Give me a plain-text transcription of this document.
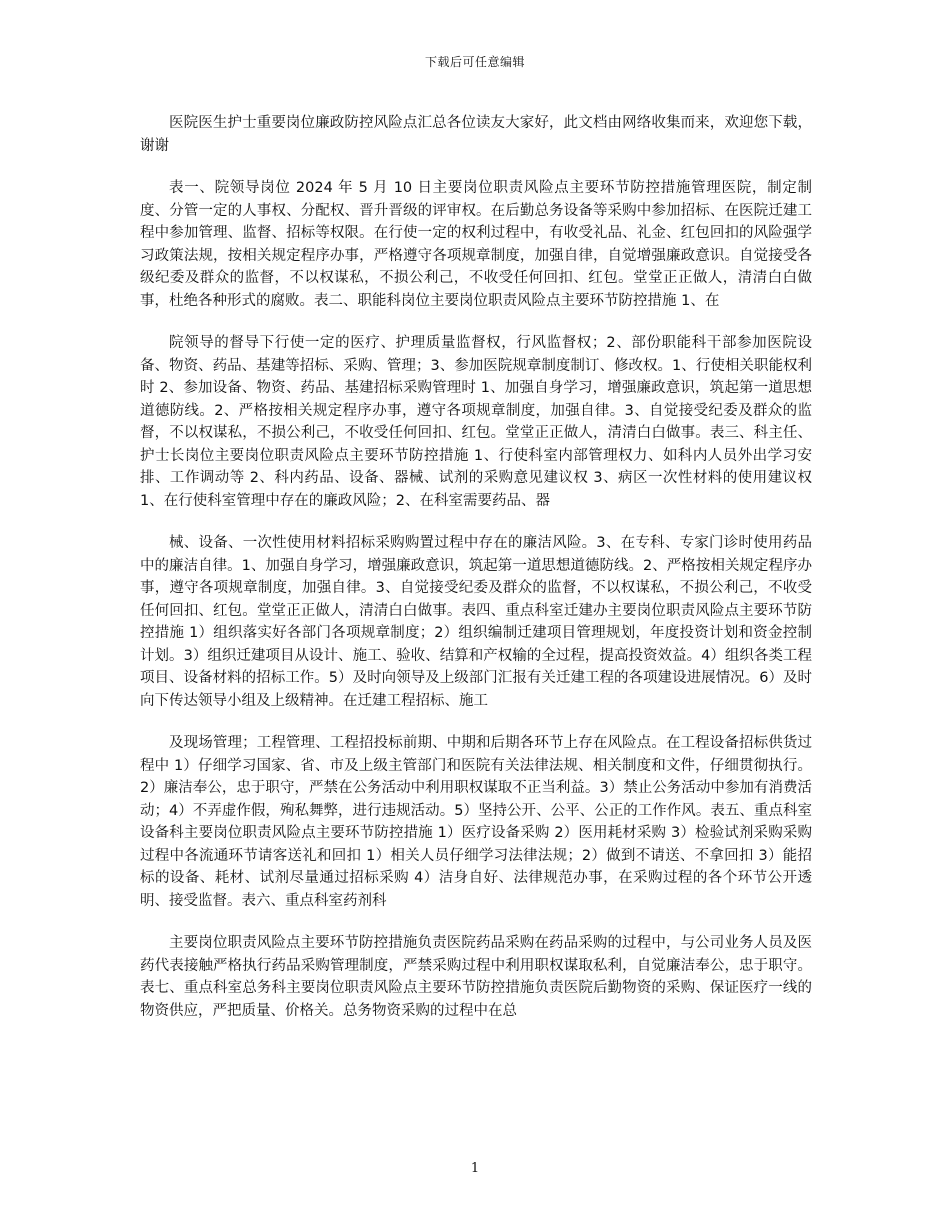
下载后可任意编辑

医院医生护士重要岗位廉政防控风险点汇总各位读友大家好，此文档由网络收集而来，欢迎您下载，谢谢

表一、院领导岗位 2024 年 5 月 10 日主要岗位职责风险点主要环节防控措施管理医院，制定制度、分管一定的人事权、分配权、晋升晋级的评审权。在后勤总务设备等采购中参加招标、在医院迁建工程中参加管理、监督、招标等权限。在行使一定的权利过程中，有收受礼品、礼金、红包回扣的风险强学习政策法规，按相关规定程序办事，严格遵守各项规章制度，加强自律，自觉增强廉政意识。自觉接受各级纪委及群众的监督，不以权谋私，不损公利己，不收受任何回扣、红包。堂堂正正做人，清清白白做事，杜绝各种形式的腐败。表二、职能科岗位主要岗位职责风险点主要环节防控措施 1、在

院领导的督导下行使一定的医疗、护理质量监督权，行风监督权；2、部份职能科干部参加医院设备、物资、药品、基建等招标、采购、管理；3、参加医院规章制度制订、修改权。1、行使相关职能权利时 2、参加设备、物资、药品、基建招标采购管理时 1、加强自身学习，增强廉政意识，筑起第一道思想道德防线。2、严格按相关规定程序办事，遵守各项规章制度，加强自律。3、自觉接受纪委及群众的监督，不以权谋私，不损公利己，不收受任何回扣、红包。堂堂正正做人，清清白白做事。表三、科主任、护士长岗位主要岗位职责风险点主要环节防控措施 1、行使科室内部管理权力、如科内人员外出学习安排、工作调动等 2、科内药品、设备、器械、试剂的采购意见建议权 3、病区一次性材料的使用建议权 1、在行使科室管理中存在的廉政风险；2、在科室需要药品、器

械、设备、一次性使用材料招标采购购置过程中存在的廉洁风险。3、在专科、专家门诊时使用药品中的廉洁自律。1、加强自身学习，增强廉政意识，筑起第一道思想道德防线。2、严格按相关规定程序办事，遵守各项规章制度，加强自律。3、自觉接受纪委及群众的监督，不以权谋私，不损公利己，不收受任何回扣、红包。堂堂正正做人，清清白白做事。表四、重点科室迁建办主要岗位职责风险点主要环节防控措施 1）组织落实好各部门各项规章制度；2）组织编制迁建项目管理规划，年度投资计划和资金控制计划。3）组织迁建项目从设计、施工、验收、结算和产权输的全过程，提高投资效益。4）组织各类工程项目、设备材料的招标工作。5）及时向领导及上级部门汇报有关迁建工程的各项建设进展情况。6）及时向下传达领导小组及上级精神。在迁建工程招标、施工

及现场管理；工程管理、工程招投标前期、中期和后期各环节上存在风险点。在工程设备招标供货过程中 1）仔细学习国家、省、市及上级主管部门和医院有关法律法规、相关制度和文件，仔细贯彻执行。2）廉洁奉公，忠于职守，严禁在公务活动中利用职权谋取不正当利益。3）禁止公务活动中参加有消费活动；4）不弄虚作假，殉私舞弊，进行违规活动。5）坚持公开、公平、公正的工作作风。表五、重点科室设备科主要岗位职责风险点主要环节防控措施 1）医疗设备采购 2）医用耗材采购 3）检验试剂采购采购过程中各流通环节请客送礼和回扣 1）相关人员仔细学习法律法规；2）做到不请送、不拿回扣 3）能招标的设备、耗材、试剂尽量通过招标采购 4）洁身自好、法律规范办事，在采购过程的各个环节公开透明、接受监督。表六、重点科室药剂科

主要岗位职责风险点主要环节防控措施负责医院药品采购在药品采购的过程中，与公司业务人员及医药代表接触严格执行药品采购管理制度，严禁采购过程中利用职权谋取私利，自觉廉洁奉公，忠于职守。表七、重点科室总务科主要岗位职责风险点主要环节防控措施负责医院后勤物资的采购、保证医疗一线的物资供应，严把质量、价格关。总务物资采购的过程中在总

1
